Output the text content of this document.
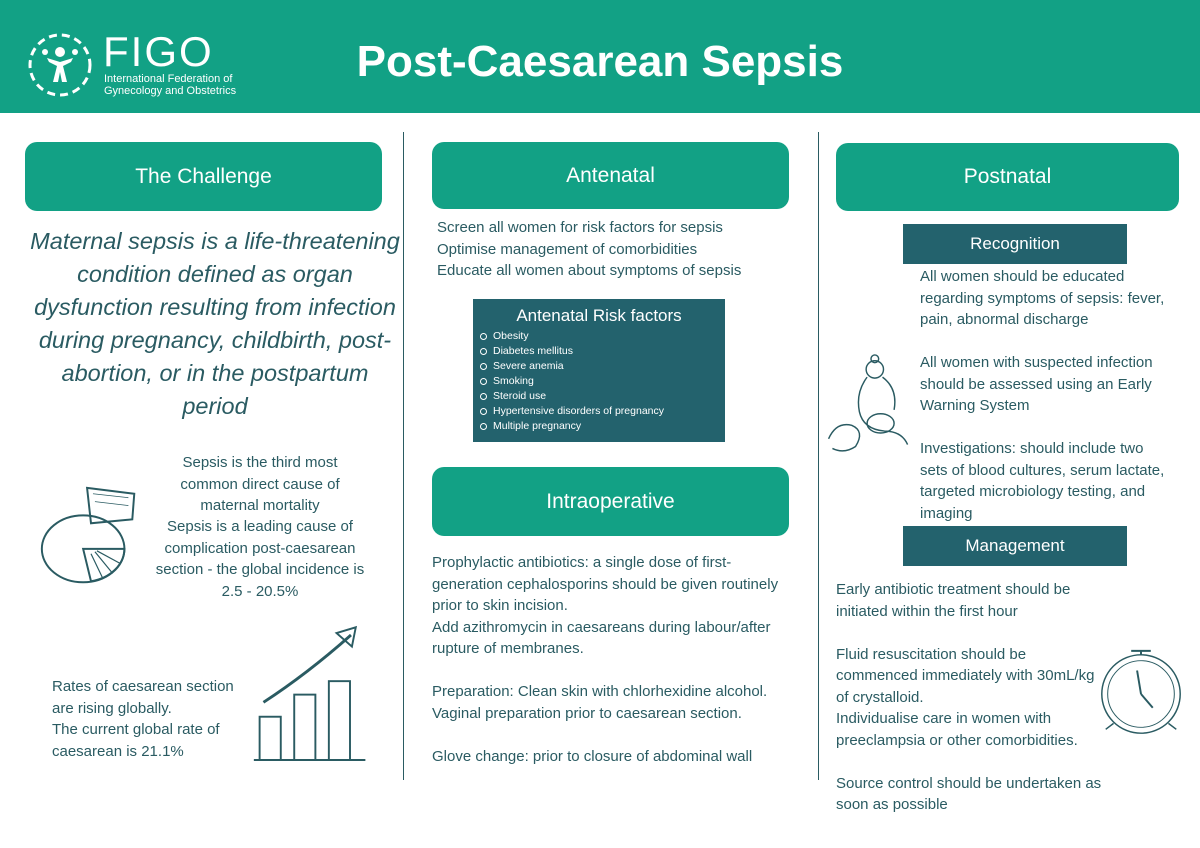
FIGO
International Federation of Gynecology and Obstetrics
Post-Caesarean Sepsis
The Challenge
Maternal sepsis is a life-threatening condition defined as organ dysfunction resulting from infection during pregnancy, childbirth, post-abortion, or in the postpartum period
Sepsis is the third most common direct cause of maternal mortality
Sepsis is a leading cause of complication post-caesarean section - the global incidence is 2.5 - 20.5%
Rates of caesarean section are rising globally.
The current global rate of caesarean is 21.1%
Antenatal
Screen all women for risk factors for sepsis
Optimise management of comorbidities
Educate all women about symptoms of sepsis
Antenatal Risk factors
Obesity
Diabetes mellitus
Severe anemia
Smoking
Steroid use
Hypertensive disorders of pregnancy
Multiple pregnancy
Intraoperative
Prophylactic antibiotics: a single dose of first-generation cephalosporins should be given routinely prior to skin incision.
Add azithromycin in caesareans during labour/after rupture of membranes.
Preparation: Clean skin with chlorhexidine alcohol.
Vaginal preparation prior to caesarean section.
Glove change: prior to closure of abdominal wall
Postnatal
Recognition
All women should be educated regarding symptoms of sepsis: fever, pain, abnormal discharge
All women with suspected infection should be assessed using an Early Warning System
Investigations: should include two sets of blood cultures, serum lactate, targeted microbiology testing, and imaging
Management
Early antibiotic treatment should be initiated within the first hour
Fluid resuscitation should be commenced immediately with 30mL/kg of crystalloid.
Individualise care in women with preeclampsia or other comorbidities.
Source control should be undertaken as soon as possible
